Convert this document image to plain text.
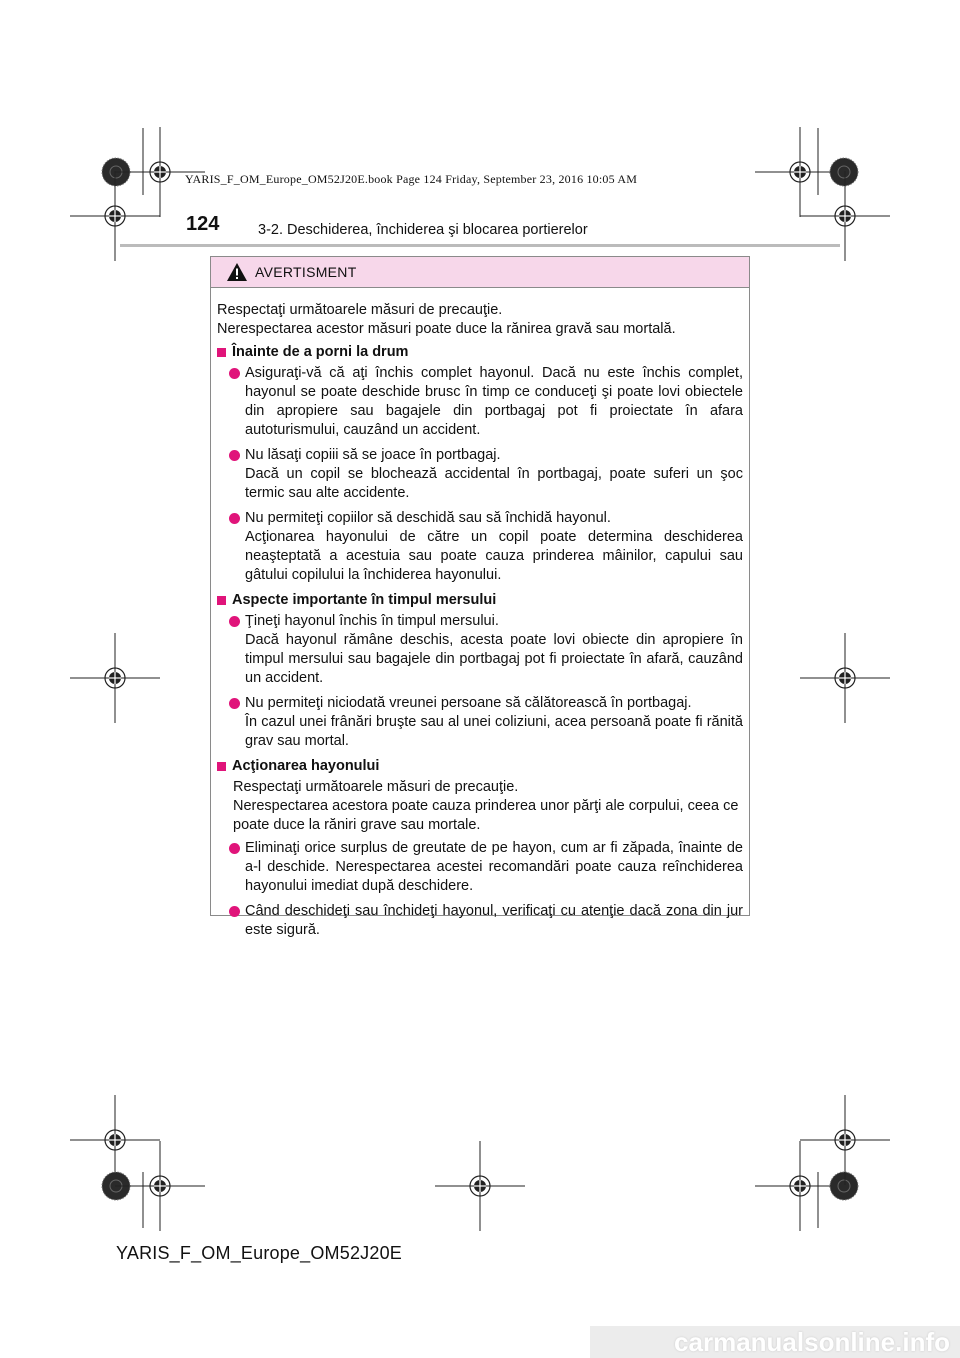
YARIS_F_OM_Europe_OM52J20E.book Page 124 Friday, September 23, 2016 10:05 AM
124	3-2. Deschiderea, închiderea şi blocarea portierelor
AVERTISMENT
Respectaţi următoarele măsuri de precauţie.
Nerespectarea acestor măsuri poate duce la rănirea gravă sau mortală.
Înainte de a porni la drum
Asiguraţi-vă că aţi închis complet hayonul. Dacă nu este închis complet, hayonul se poate deschide brusc în timp ce conduceţi şi poate lovi obiectele din apropiere sau bagajele din portbagaj pot fi proiectate în afara autoturismului, cauzând un accident.
Nu lăsaţi copiii să se joace în portbagaj.
Dacă un copil se blochează accidental în portbagaj, poate suferi un şoc termic sau alte accidente.
Nu permiteţi copiilor să deschidă sau să închidă hayonul.
Acţionarea hayonului de către un copil poate determina deschiderea neaşteptată a acestuia sau poate cauza prinderea mâinilor, capului sau gâtului copilului la închiderea hayonului.
Aspecte importante în timpul mersului
Ţineţi hayonul închis în timpul mersului.
Dacă hayonul rămâne deschis, acesta poate lovi obiecte din apropiere în timpul mersului sau bagajele din portbagaj pot fi proiectate în afară, cauzând un accident.
Nu permiteţi niciodată vreunei persoane să călătorească în portbagaj.
În cazul unei frânări bruşte sau al unei coliziuni, acea persoană poate fi rănită grav sau mortal.
Acţionarea hayonului
Respectaţi următoarele măsuri de precauţie.
Nerespectarea acestora poate cauza prinderea unor părţi ale corpului, ceea ce poate duce la răniri grave sau mortale.
Eliminaţi orice surplus de greutate de pe hayon, cum ar fi zăpada, înainte de a-l deschide. Nerespectarea acestei recomandări poate cauza reînchiderea hayonului imediat după deschidere.
Când deschideţi sau închideţi hayonul, verificaţi cu atenţie dacă zona din jur este sigură.
YARIS_F_OM_Europe_OM52J20E
carmanualsonline.info
